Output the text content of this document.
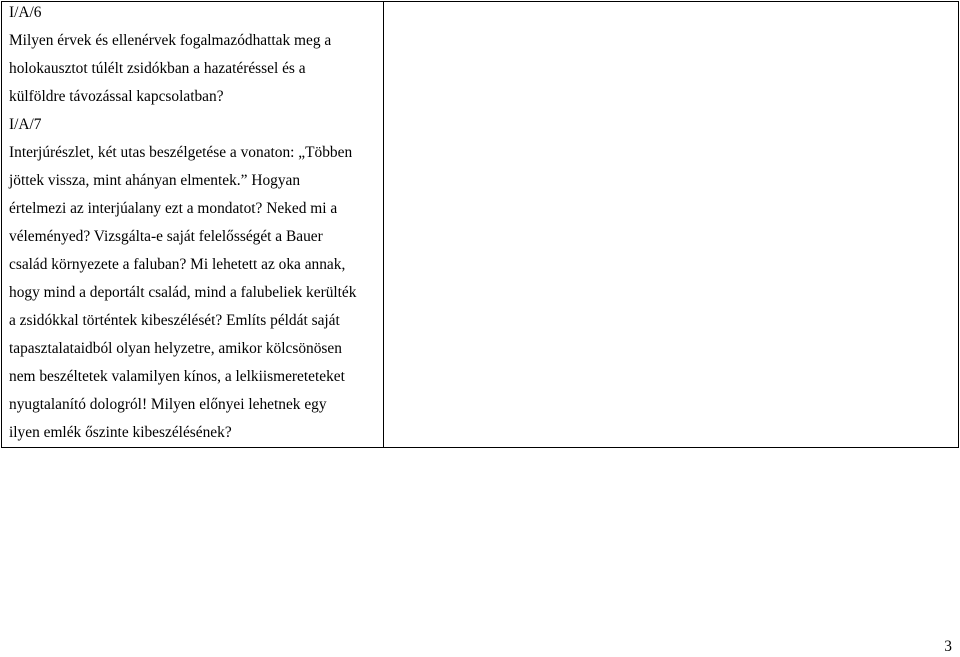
I/A/6
Milyen érvek és ellenérvek fogalmazódhattak meg a
holokausztot túlélt zsidókban a hazatéréssel és a
külföldre távozással kapcsolatban?
I/A/7
Interjúrészlet, két utas beszélgetése a vonaton: „Többen
jöttek vissza, mint ahányan elmentek.” Hogyan
értelmezi az interjúalany ezt a mondatot? Neked mi a
véleményed? Vizsgálta-e saját felelősségét a Bauer
család környezete a faluban? Mi lehetett az oka annak,
hogy mind a deportált család, mind a falubeliek kerülték
a zsidókkal történtek kibeszélését? Említs példát saját
tapasztalataidból olyan helyzetre, amikor kölcsönösen
nem beszéltetek valamilyen kínos, a lelkiismereteteket
nyugtalanító dologról! Milyen előnyei lehetnek egy
ilyen emlék őszinte kibeszélésének?

3
